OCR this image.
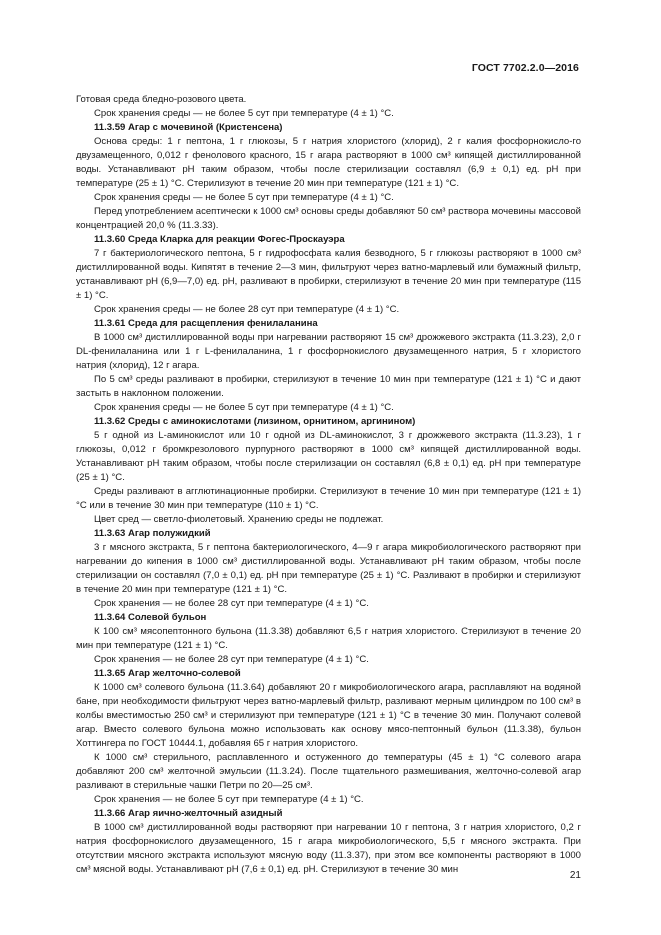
ГОСТ 7702.2.0—2016

Готовая среда бледно-розового цвета.

Срок хранения среды — не более 5 сут при температуре (4 ± 1) °С.

11.3.59 Агар с мочевиной (Кристенсена)

Основа среды: 1 г пептона, 1 г глюкозы, 5 г натрия хлористого (хлорид), 2 г калия фосфорнокисло-го двузамещенного, 0,012 г фенолового красного, 15 г агара растворяют в 1000 см³ кипящей дистиллированной воды. Устанавливают pH таким образом, чтобы после стерилизации составлял (6,9 ± 0,1) ед. pH при температуре (25 ± 1) °С. Стерилизуют в течение 20 мин при температуре (121 ± 1) °С.

Срок хранения среды — не более 5 сут при температуре (4 ± 1) °С.

Перед употреблением асептически к 1000 см³ основы среды добавляют 50 см³ раствора мочевины массовой концентрацией 20,0 % (11.3.33).

11.3.60 Среда Кларка для реакции Фогес-Проскауэра

7 г бактериологического пептона, 5 г гидрофосфата калия безводного, 5 г глюкозы растворяют в 1000 см³ дистиллированной воды. Кипятят в течение 2—3 мин, фильтруют через ватно-марлевый или бумажный фильтр, устанавливают pH (6,9—7,0) ед. pH, разливают в пробирки, стерилизуют в течение 20 мин при температуре (115 ± 1) °С.

Срок хранения среды — не более 28 сут при температуре (4 ± 1) °С.

11.3.61 Среда для расщепления фенилаланина

В 1000 см³ дистиллированной воды при нагревании растворяют 15 см³ дрожжевого экстракта (11.3.23), 2,0 г DL-фенилаланина или 1 г L-фенилаланина, 1 г фосфорнокислого двузамещенного натрия, 5 г хлористого натрия (хлорид), 12 г агара.

По 5 см³ среды разливают в пробирки, стерилизуют в течение 10 мин при температуре (121 ± 1) °С и дают застыть в наклонном положении.

Срок хранения среды — не более 5 сут при температуре (4 ± 1) °С.

11.3.62 Среды с аминокислотами (лизином, орнитином, аргинином)

5 г одной из L-аминокислот или 10 г одной из DL-аминокислот, 3 г дрожжевого экстракта (11.3.23), 1 г глюкозы, 0,012 г бромкрезолового пурпурного растворяют в 1000 см³ кипящей дистиллированной воды. Устанавливают pH таким образом, чтобы после стерилизации он составлял (6,8 ± 0,1) ед. pH при температуре (25 ± 1) °С.

Среды разливают в агглютинационные пробирки. Стерилизуют в течение 10 мин при температуре (121 ± 1) °С или в течение 30 мин при температуре (110 ± 1) °С.

Цвет сред — светло-фиолетовый. Хранению среды не подлежат.

11.3.63 Агар полужидкий

3 г мясного экстракта, 5 г пептона бактериологического, 4—9 г агара микробиологического растворяют при нагревании до кипения в 1000 см³ дистиллированной воды. Устанавливают pH таким образом, чтобы после стерилизации он составлял (7,0 ± 0,1) ед. pH при температуре (25 ± 1) °С. Разливают в пробирки и стерилизуют в течение 20 мин при температуре (121 ± 1) °С.

Срок хранения — не более 28 сут при температуре (4 ± 1) °С.

11.3.64 Солевой бульон

К 100 см³ мясопептонного бульона (11.3.38) добавляют 6,5 г натрия хлористого. Стерилизуют в течение 20 мин при температуре (121 ± 1) °С.

Срок хранения — не более 28 сут при температуре (4 ± 1) °С.

11.3.65 Агар желточно-солевой

К 1000 см³ солевого бульона (11.3.64) добавляют 20 г микробиологического агара, расплавляют на водяной бане, при необходимости фильтруют через ватно-марлевый фильтр, разливают мерным цилиндром по 100 см³ в колбы вместимостью 250 см³ и стерилизуют при температуре (121 ± 1) °С в течение 30 мин. Получают солевой агар. Вместо солевого бульона можно использовать как основу мясо-пептонный бульон (11.3.38), бульон Хоттингера по ГОСТ 10444.1, добавляя 65 г натрия хлористого.

К 1000 см³ стерильного, расплавленного и остуженного до температуры (45 ± 1) °С солевого агара добавляют 200 см³ желточной эмульсии (11.3.24). После тщательного размешивания, желточно-солевой агар разливают в стерильные чашки Петри по 20—25 см³.

Срок хранения — не более 5 сут при температуре (4 ± 1) °С.

11.3.66 Агар яично-желточный азидный

В 1000 см³ дистиллированной воды растворяют при нагревании 10 г пептона, 3 г натрия хлористого, 0,2 г натрия фосфорнокислого двузамещенного, 15 г агара микробиологического, 5,5 г мясного экстракта. При отсутствии мясного экстракта используют мясную воду (11.3.37), при этом все компоненты растворяют в 1000 см³ мясной воды. Устанавливают pH (7,6 ± 0,1) ед. pH. Стерилизуют в течение 30 мин

21
